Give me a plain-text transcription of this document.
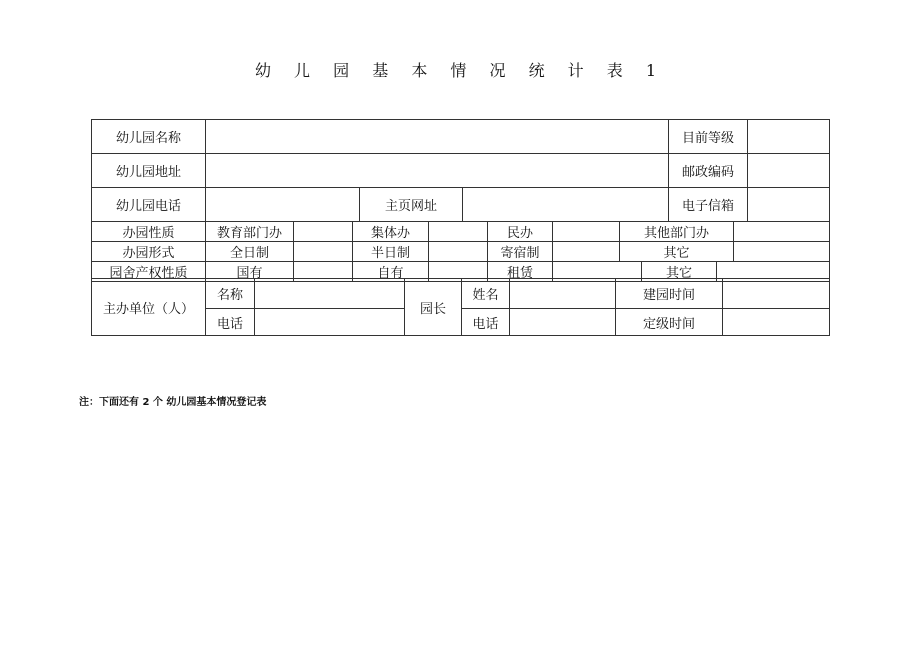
幼 儿 园 基 本 情 况 统 计 表 1
幼儿园名称				目前等级	
幼儿园地址				邮政编码	
幼儿园电话		主页网址		电子信箱	
办园性质	教育部门办		集体办		民办		其他部门办			
办园形式	全日制		半日制		寄宿制		其它			
园舍产权性质	国有		自有		租赁			其它		
主办单位（人）	名称		园长	姓名		建园时间	
	电话			电话		定级时间	
注：下面还有 2 个 幼儿园基本情况登记表
